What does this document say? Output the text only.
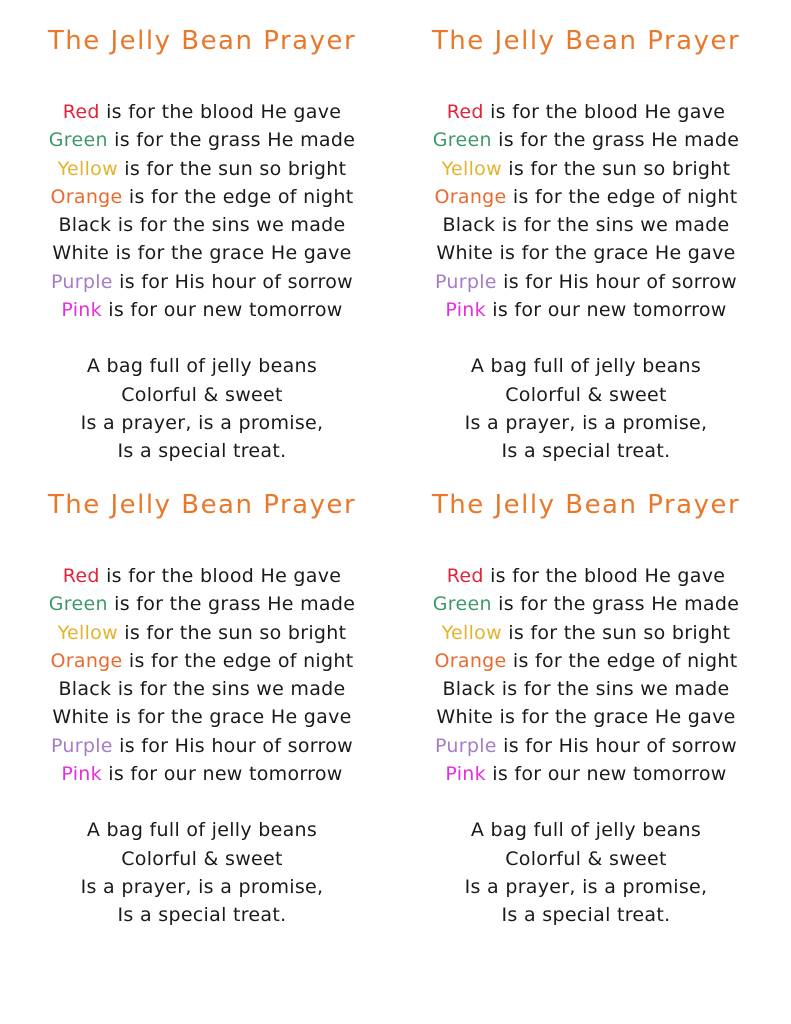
The Jelly Bean Prayer
Red is for the blood He gave
Green is for the grass He made
Yellow is for the sun so bright
Orange is for the edge of night
Black is for the sins we made
White is for the grace He gave
Purple is for His hour of sorrow
Pink is for our new tomorrow
A bag full of jelly beans
Colorful & sweet
Is a prayer, is a promise,
Is a special treat.
The Jelly Bean Prayer
Red is for the blood He gave
Green is for the grass He made
Yellow is for the sun so bright
Orange is for the edge of night
Black is for the sins we made
White is for the grace He gave
Purple is for His hour of sorrow
Pink is for our new tomorrow
A bag full of jelly beans
Colorful & sweet
Is a prayer, is a promise,
Is a special treat.
The Jelly Bean Prayer
Red is for the blood He gave
Green is for the grass He made
Yellow is for the sun so bright
Orange is for the edge of night
Black is for the sins we made
White is for the grace He gave
Purple is for His hour of sorrow
Pink is for our new tomorrow
A bag full of jelly beans
Colorful & sweet
Is a prayer, is a promise,
Is a special treat.
The Jelly Bean Prayer
Red is for the blood He gave
Green is for the grass He made
Yellow is for the sun so bright
Orange is for the edge of night
Black is for the sins we made
White is for the grace He gave
Purple is for His hour of sorrow
Pink is for our new tomorrow
A bag full of jelly beans
Colorful & sweet
Is a prayer, is a promise,
Is a special treat.
